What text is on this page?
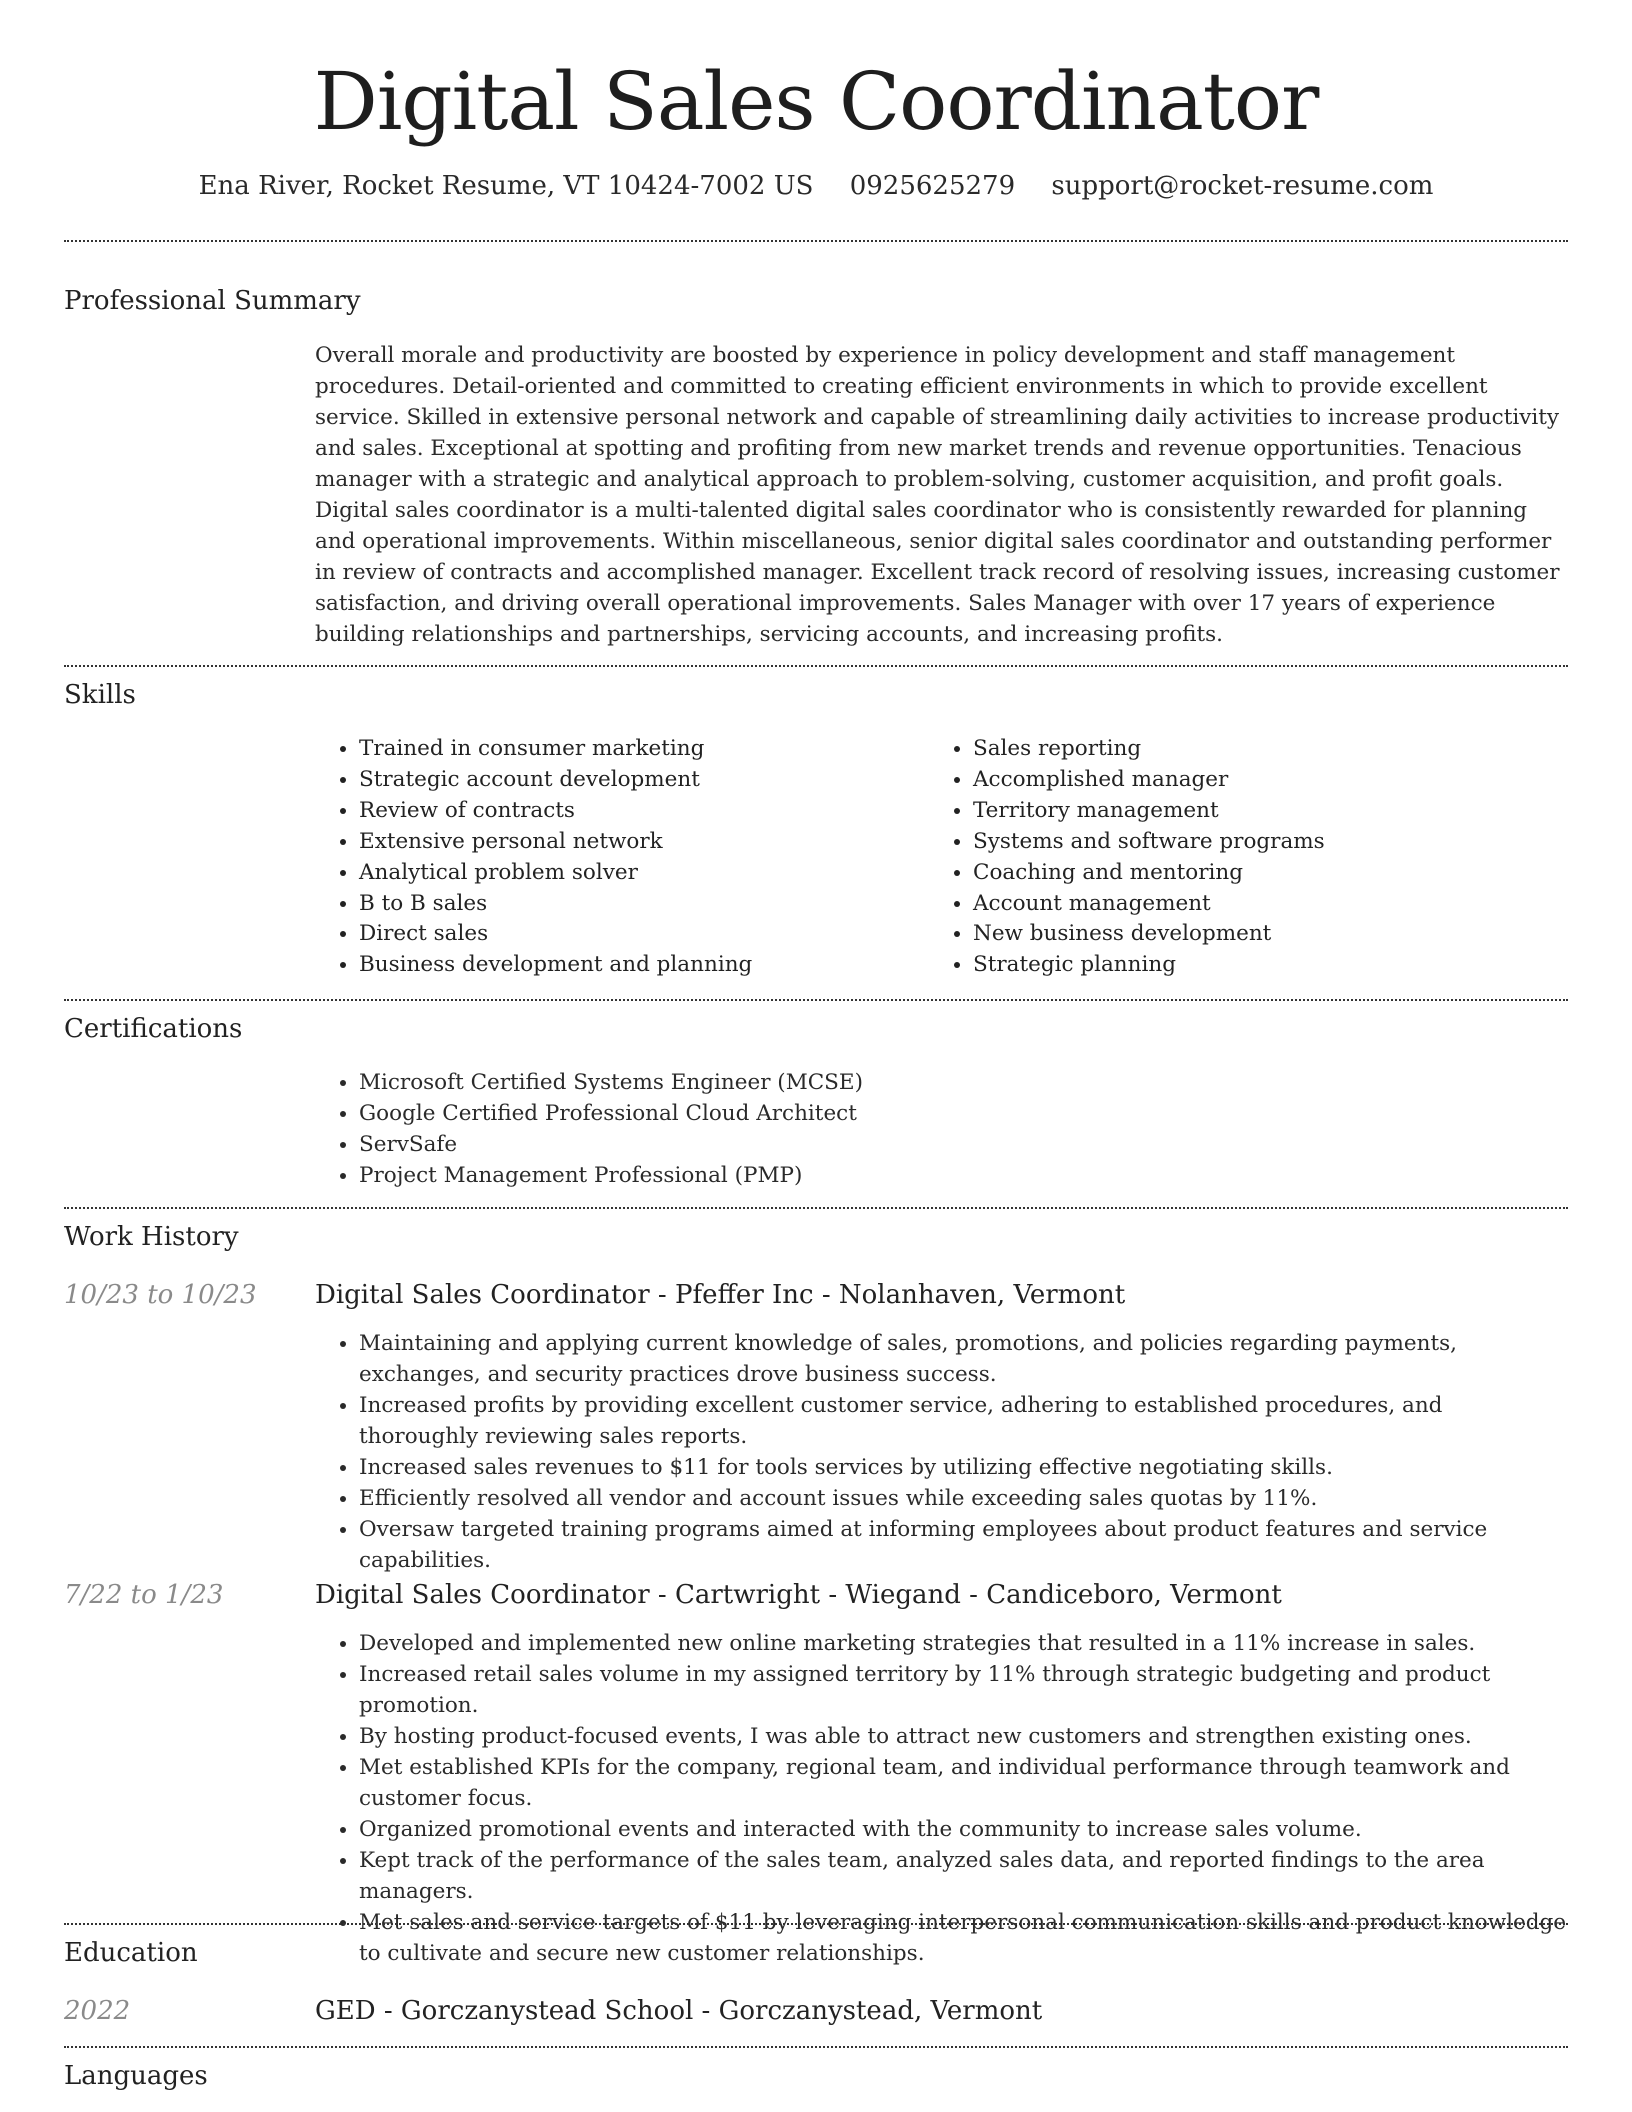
Digital Sales Coordinator
Ena River, Rocket Resume, VT 10424-7002 US 0925625279 support@rocket-resume.com
Professional Summary
Overall morale and productivity are boosted by experience in policy development and staff management procedures. Detail-oriented and committed to creating efficient environments in which to provide excellent service. Skilled in extensive personal network and capable of streamlining daily activities to increase productivity and sales. Exceptional at spotting and profiting from new market trends and revenue opportunities. Tenacious manager with a strategic and analytical approach to problem-solving, customer acquisition, and profit goals. Digital sales coordinator is a multi-talented digital sales coordinator who is consistently rewarded for planning and operational improvements. Within miscellaneous, senior digital sales coordinator and outstanding performer in review of contracts and accomplished manager. Excellent track record of resolving issues, increasing customer satisfaction, and driving overall operational improvements. Sales Manager with over 17 years of experience building relationships and partnerships, servicing accounts, and increasing profits.
Skills
• Trained in consumer marketing
• Strategic account development
• Review of contracts
• Extensive personal network
• Analytical problem solver
• B to B sales
• Direct sales
• Business development and planning
• Sales reporting
• Accomplished manager
• Territory management
• Systems and software programs
• Coaching and mentoring
• Account management
• New business development
• Strategic planning
Certifications
• Microsoft Certified Systems Engineer (MCSE)
• Google Certified Professional Cloud Architect
• ServSafe
• Project Management Professional (PMP)
Work History
10/23 to 10/23 Digital Sales Coordinator - Pfeffer Inc - Nolanhaven, Vermont
• Maintaining and applying current knowledge of sales, promotions, and policies regarding payments, exchanges, and security practices drove business success.
• Increased profits by providing excellent customer service, adhering to established procedures, and thoroughly reviewing sales reports.
• Increased sales revenues to $11 for tools services by utilizing effective negotiating skills.
• Efficiently resolved all vendor and account issues while exceeding sales quotas by 11%.
• Oversaw targeted training programs aimed at informing employees about product features and service capabilities.
7/22 to 1/23	Digital Sales Coordinator - Cartwright - Wiegand - Candiceboro, Vermont
• Developed and implemented new online marketing strategies that resulted in a 11% increase in sales.
• Increased retail sales volume in my assigned territory by 11% through strategic budgeting and product promotion.
• By hosting product-focused events, I was able to attract new customers and strengthen existing ones.
• Met established KPIs for the company, regional team, and individual performance through teamwork and customer focus.
• Organized promotional events and interacted with the community to increase sales volume.
• Kept track of the performance of the sales team, analyzed sales data, and reported findings to the area managers.
• Met sales and service targets of $11 by leveraging interpersonal communication skills and product knowledge to cultivate and secure new customer relationships.
Education
2022	GED - Gorczanystead School - Gorczanystead, Vermont
Languages
